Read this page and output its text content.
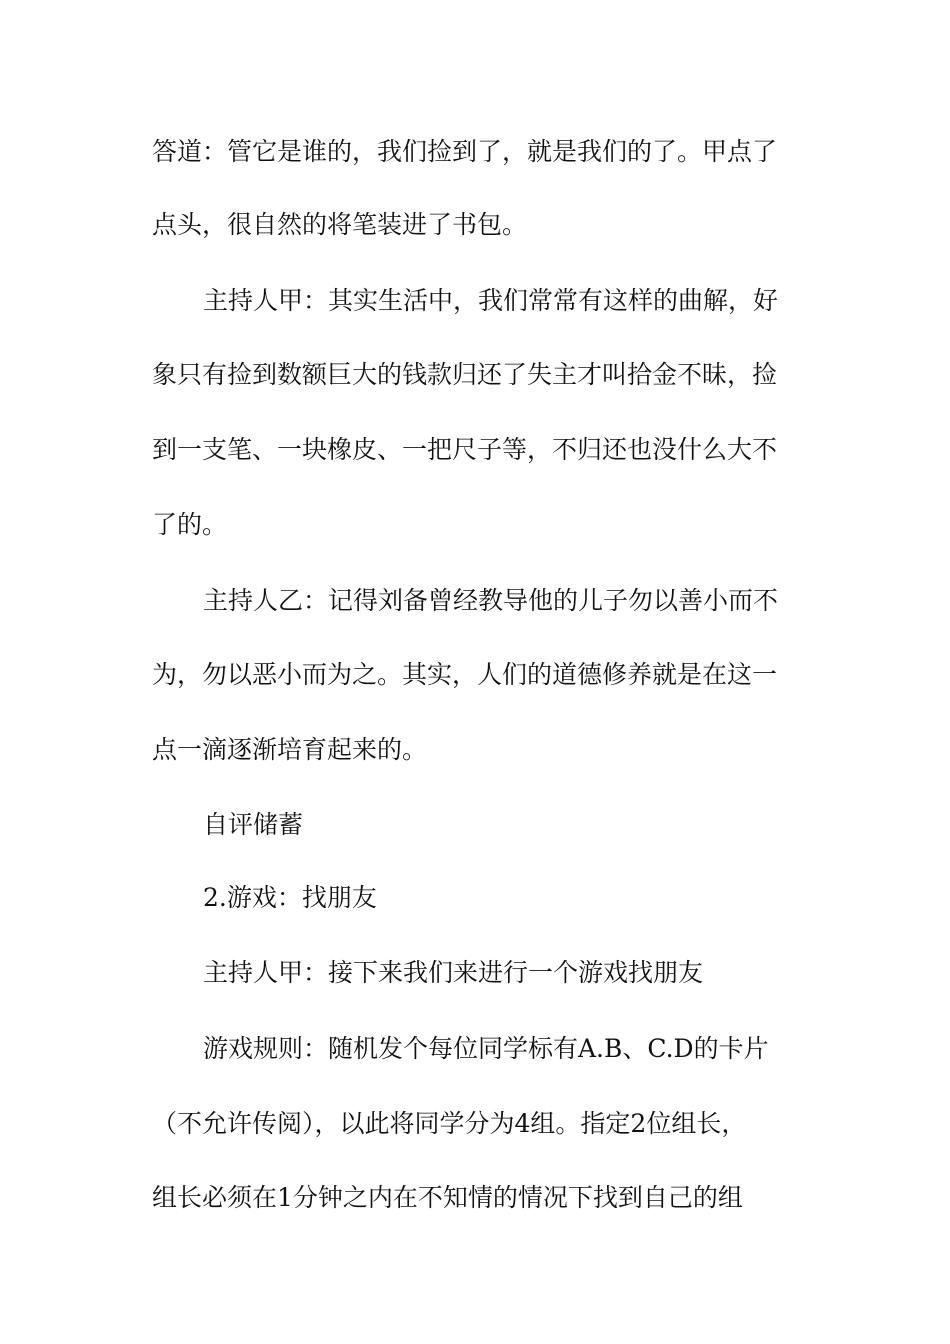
答道：管它是谁的，我们捡到了，就是我们的了。甲点了
点头，很自然的将笔装进了书包。
主持人甲：其实生活中，我们常常有这样的曲解，好
象只有捡到数额巨大的钱款归还了失主才叫拾金不昧，捡
到一支笔、一块橡皮、一把尺子等，不归还也没什么大不
了的。
主持人乙：记得刘备曾经教导他的儿子勿以善小而不
为，勿以恶小而为之。其实，人们的道德修养就是在这一
点一滴逐渐培育起来的。
自评储蓄
2.游戏：找朋友
主持人甲：接下来我们来进行一个游戏找朋友
游戏规则：随机发个每位同学标有A.B、C.D的卡片
（不允许传阅），以此将同学分为4组。指定2位组长，
组长必须在1分钟之内在不知情的情况下找到自己的组
